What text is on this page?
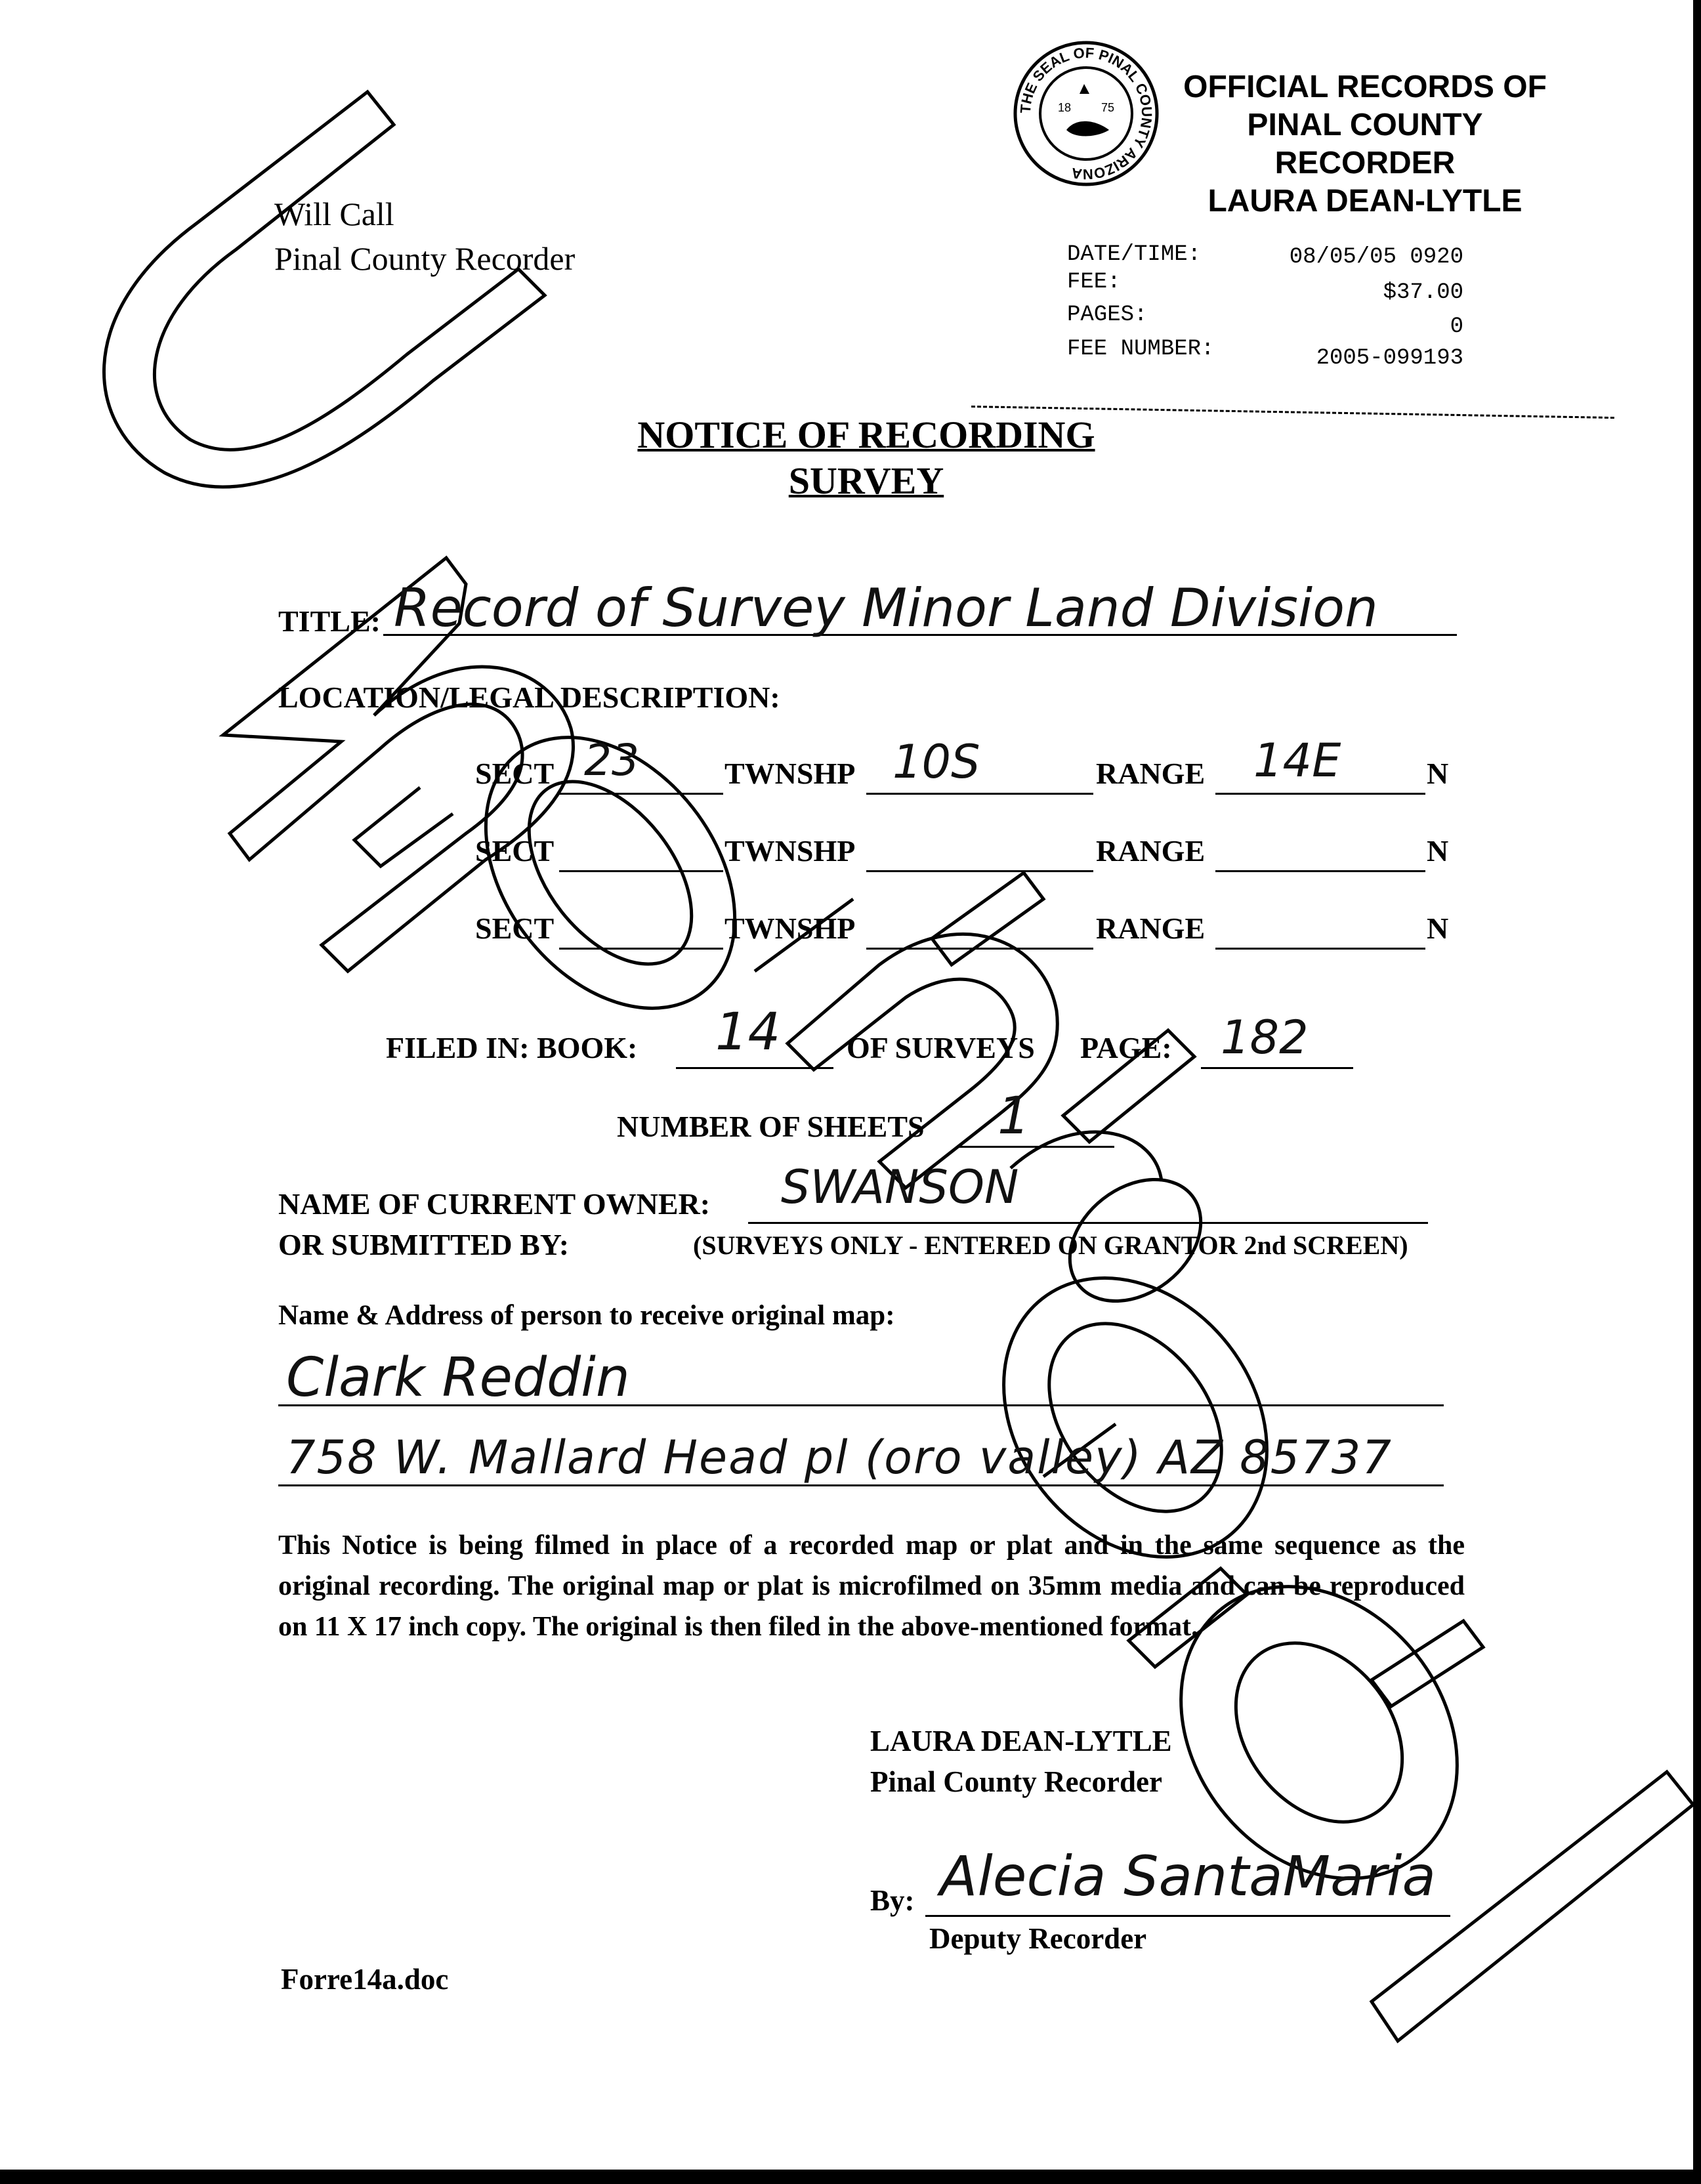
THE SEAL OF PINAL COUNTY ARIZONA
18	75
OFFICIAL RECORDS OF
PINAL COUNTY RECORDER
LAURA DEAN-LYTLE
Will Call
Pinal County Recorder	DATE/TIME:	08/05/05 0920
FEE:	$37.00
PAGES:	0
FEE NUMBER:	2005-099193
NOTICE OF RECORDING
SURVEY
TITLE: Record of Survey Minor Land Division
LOCATION/LEGAL DESCRIPTION:
SECT 23	TWNSHP 10S	RANGE 14E	N
SECT	TWNSHP	RANGE	N
SECT	TWNSHP	RANGE	N
FILED IN: BOOK: 14 OF SURVEYS PAGE: 182
NUMBER OF SHEETS 1
NAME OF CURRENT OWNER: SWANSON
OR SUBMITTED BY:	(SURVEYS ONLY - ENTERED ON GRANTOR 2nd SCREEN)
Name & Address of person to receive original map:
Clark Reddin
758 W. Mallard Head pl (oro valley) AZ 85737
This Notice is being filmed in place of a recorded map or plat and in the same sequence as the original recording. The original map or plat is microfilmed on 35mm media and can be reproduced on 11 X 17 inch copy. The original is then filed in the above-mentioned format.
LAURA DEAN-LYTLE
Pinal County Recorder
By: Alecia SantaMaria
Deputy Recorder
Forre14a.doc
